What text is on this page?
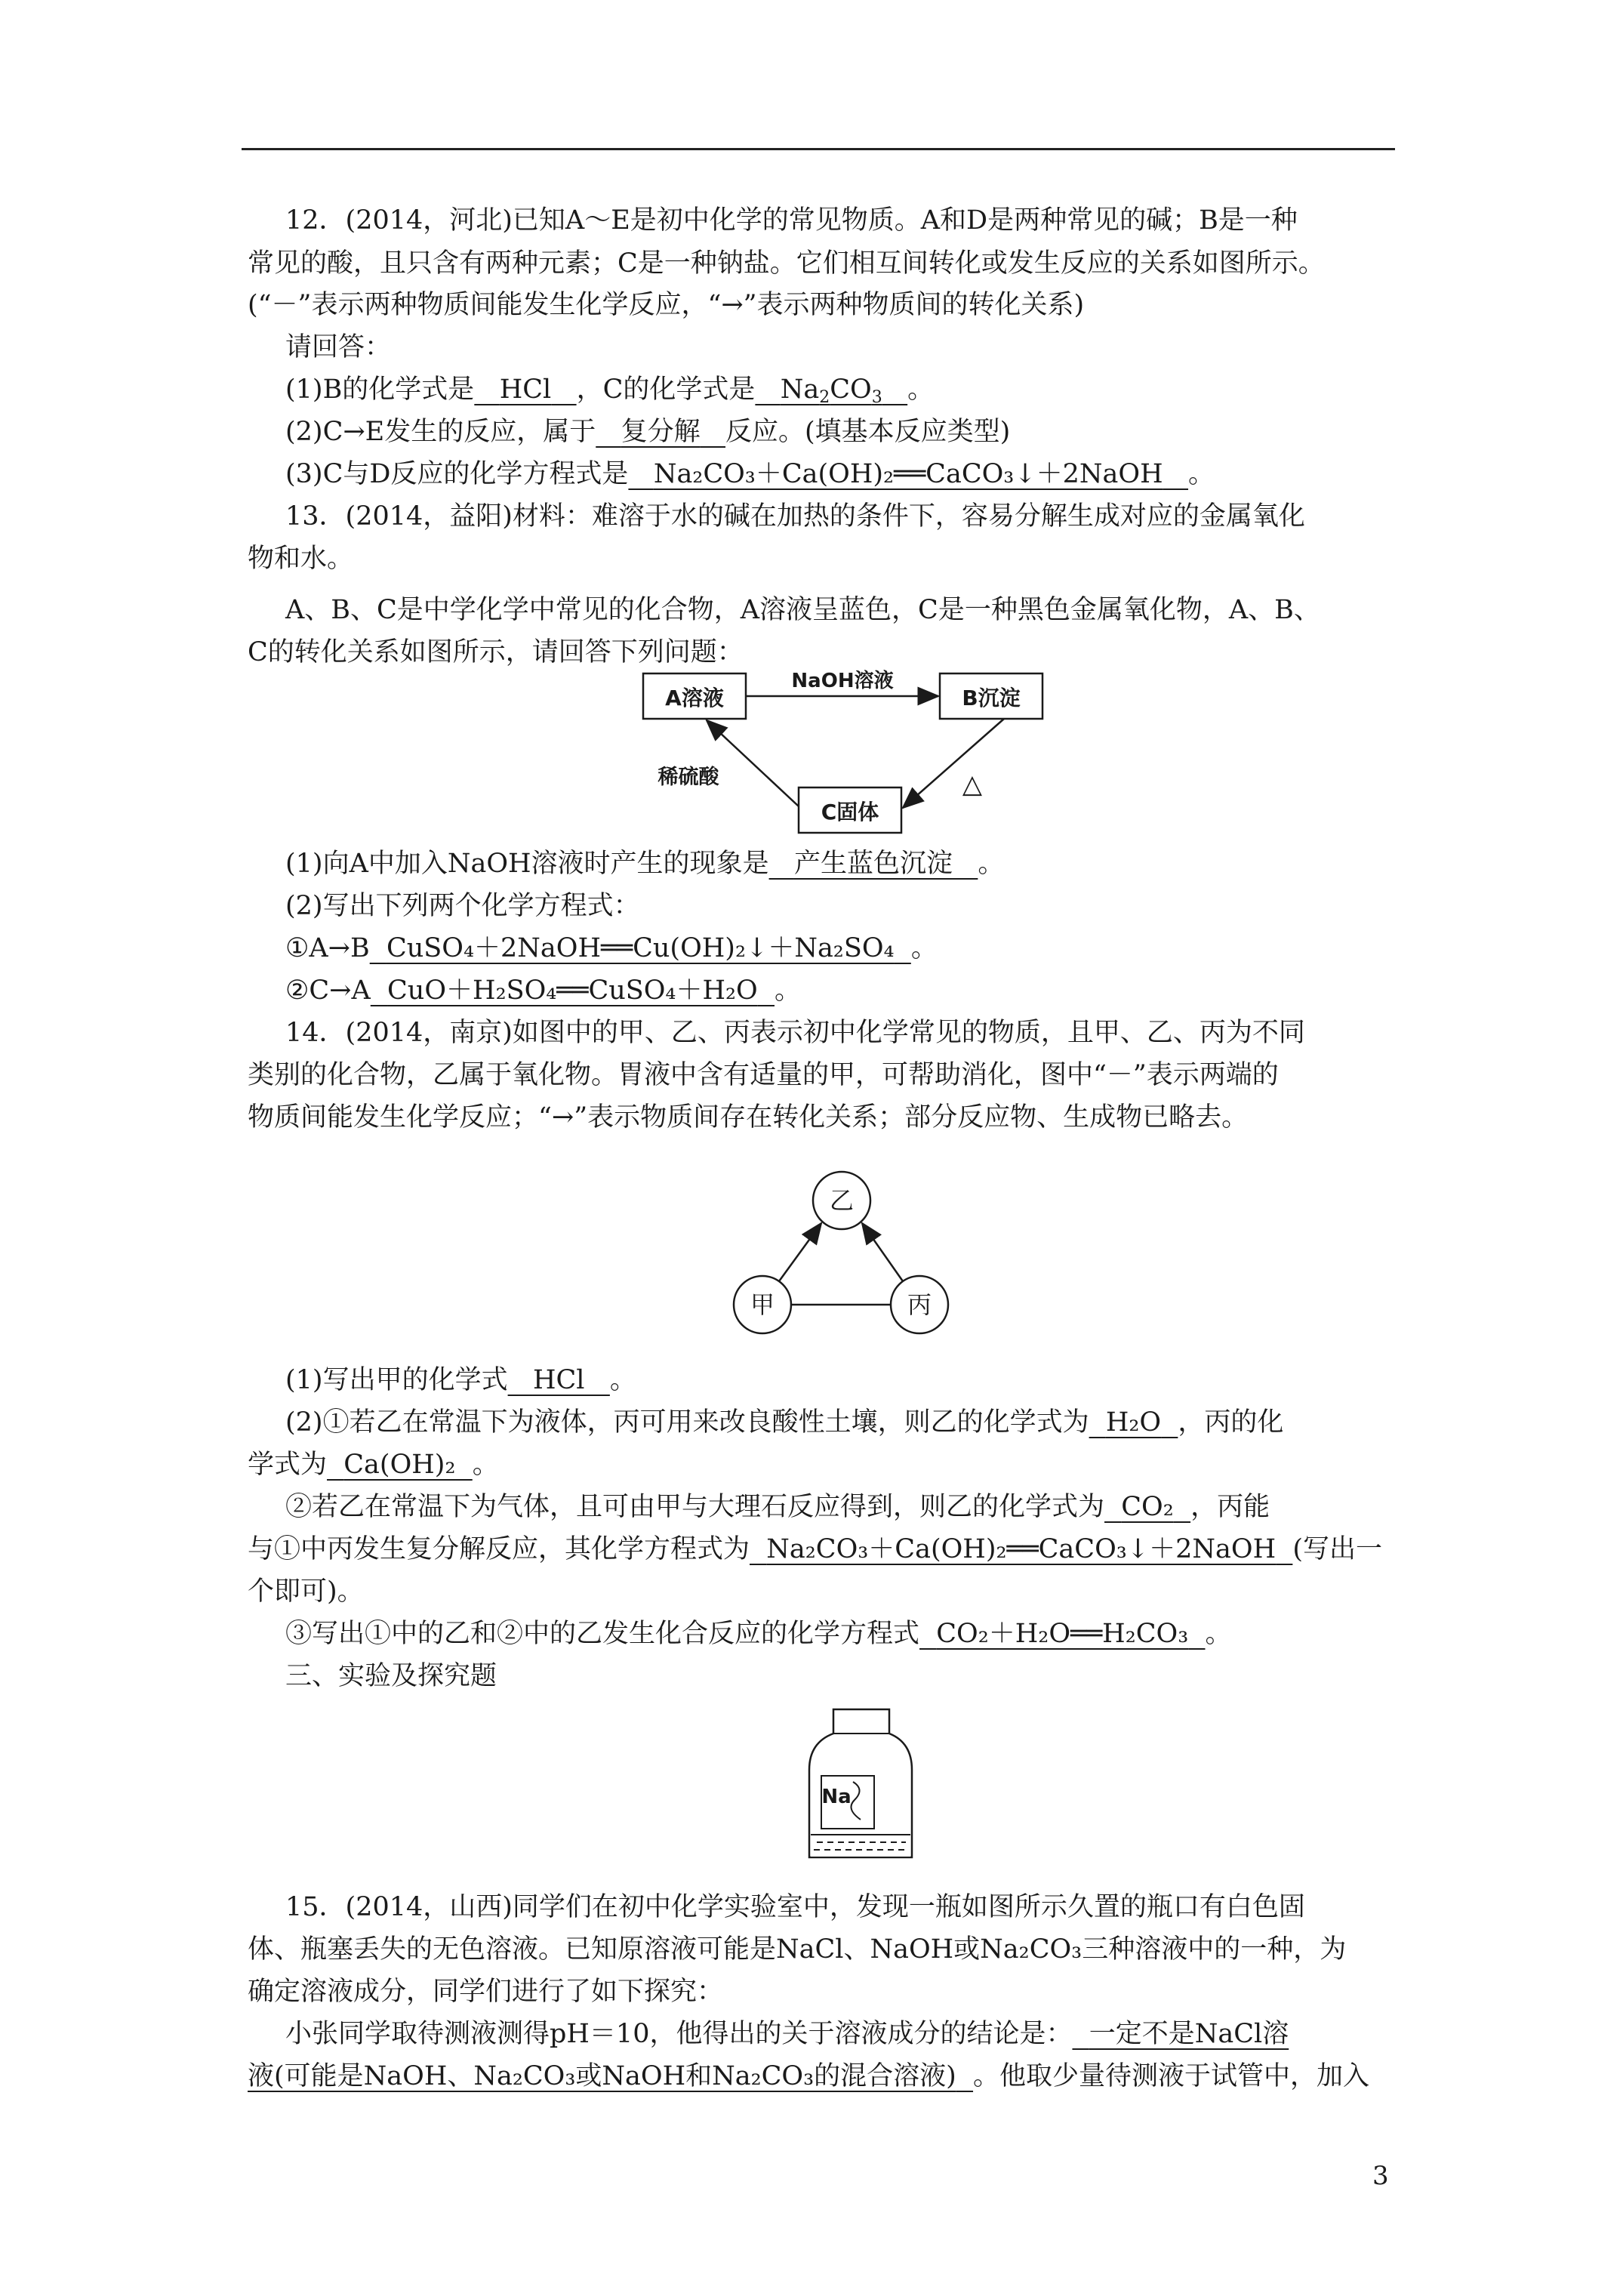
12．(2014，河北)已知A～E是初中化学的常见物质。A和D是两种常见的碱；B是一种
常见的酸，且只含有两种元素；C是一种钠盐。它们相互间转化或发生反应的关系如图所示。
(“－”表示两种物质间能发生化学反应，“→”表示两种物质间的转化关系)
请回答：
(1)B的化学式是 HCl ，C的化学式是 $Na_2CO_3$ 。
(2)C→E发生的反应，属于 复分解 反应。(填基本反应类型)
(3)C与D反应的化学方程式是 Na₂CO₃＋Ca(OH)₂══CaCO₃↓＋2NaOH 。
13．(2014，益阳)材料：难溶于水的碱在加热的条件下，容易分解生成对应的金属氧化
物和水。
A、B、C是中学化学中常见的化合物，A溶液呈蓝色，C是一种黑色金属氧化物，A、B、
C的转化关系如图所示，请回答下列问题：
A溶液	B沉淀
C固体
NaOH溶液
△
稀硫酸
(1)向A中加入NaOH溶液时产生的现象是 产生蓝色沉淀 。
(2)写出下列两个化学方程式：
①A→B CuSO₄＋2NaOH══Cu(OH)₂↓＋Na₂SO₄ 。
②C→A CuO＋H₂SO₄══CuSO₄＋H₂O 。
14．(2014，南京)如图中的甲、乙、丙表示初中化学常见的物质，且甲、乙、丙为不同
类别的化合物，乙属于氧化物。胃液中含有适量的甲，可帮助消化，图中“－”表示两端的
物质间能发生化学反应；“→”表示物质间存在转化关系；部分反应物、生成物已略去。
乙
甲	丙
(1)写出甲的化学式 HCl 。
(2)①若乙在常温下为液体，丙可用来改良酸性土壤，则乙的化学式为 H₂O ，丙的化
学式为 Ca(OH)₂ 。
②若乙在常温下为气体，且可由甲与大理石反应得到，则乙的化学式为 CO₂ ，丙能
与①中丙发生复分解反应，其化学方程式为 Na₂CO₃＋Ca(OH)₂══CaCO₃↓＋2NaOH (写出一
个即可)。
③写出①中的乙和②中的乙发生化合反应的化学方程式 CO₂＋H₂O══H₂CO₃ 。
三、实验及探究题
Na
15．(2014，山西)同学们在初中化学实验室中，发现一瓶如图所示久置的瓶口有白色固
体、瓶塞丢失的无色溶液。已知原溶液可能是NaCl、NaOH或Na₂CO₃三种溶液中的一种，为
确定溶液成分，同学们进行了如下探究：
小张同学取待测液测得pH＝10，他得出的关于溶液成分的结论是： 一定不是NaCl溶
液(可能是NaOH、Na₂CO₃或NaOH和Na₂CO₃的混合溶液) 。他取少量待测液于试管中，加入
3
